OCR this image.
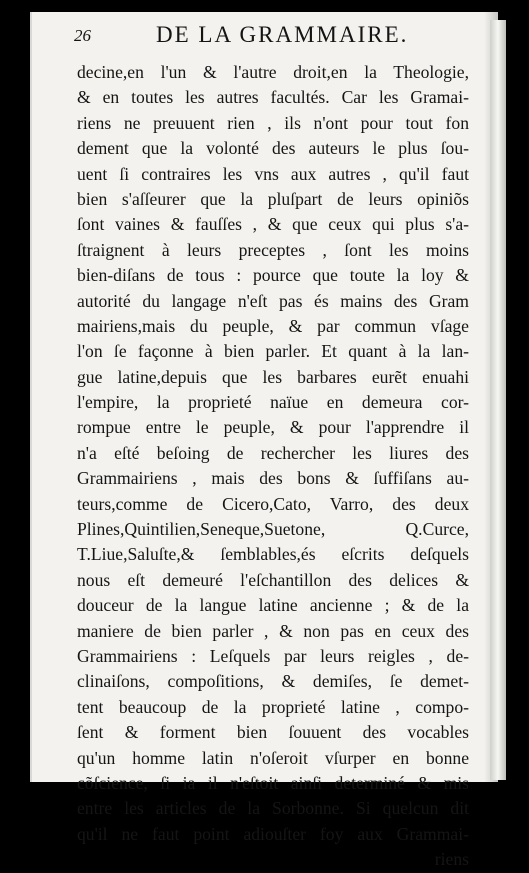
26	DE LA GRAMMAIRE.
decine,en l'un & l'autre droit,en la Theologie,
& en toutes les autres facultés. Car les Gramai-
riens ne preuuent rien , ils n'ont pour tout fon
dement que la volonté des auteurs le plus ſou-
uent ſi contraires les vns aux autres , qu'il faut
bien s'aſſeurer que la pluſpart de leurs opiniõs
ſont vaines & fauſſes , & que ceux qui plus s'a-
ſtraignent à leurs preceptes , ſont les moins
bien-diſans de tous : pource que toute la loy &
autorité du langage n'eſt pas és mains des Gram
mairiens,mais du peuple, & par commun vſage
l'on ſe façonne à bien parler. Et quant à la lan-
gue latine,depuis que les barbares eurẽt enuahi
l'empire, la proprieté naïue en demeura cor-
rompue entre le peuple, & pour l'apprendre il
n'a eſté beſoing de rechercher les liures des
Grammairiens , mais des bons & ſuffiſans au-
teurs,comme de Cicero,Cato, Varro, des deux
Plines,Quintilien,Seneque,Suetone, Q.Curce,
T.Liue,Saluſte,& ſemblables,és eſcrits deſquels
nous eſt demeuré l'eſchantillon des delices &
douceur de la langue latine ancienne ; & de la
maniere de bien parler , & non pas en ceux des
Grammairiens : Leſquels par leurs reigles , de-
clinaiſons, compoſitions, & demiſes, ſe demet-
tent beaucoup de la proprieté latine , compo-
ſent & forment bien ſouuent des vocables
qu'un homme latin n'oſeroit vſurper en bonne
cõſcience, ſi ia il n'eſtoit ainſi determiné & mis
entre les articles de la Sorbonne. Si quelcun dit
qu'il ne faut point adiouſter foy aux Grammai-
riens
